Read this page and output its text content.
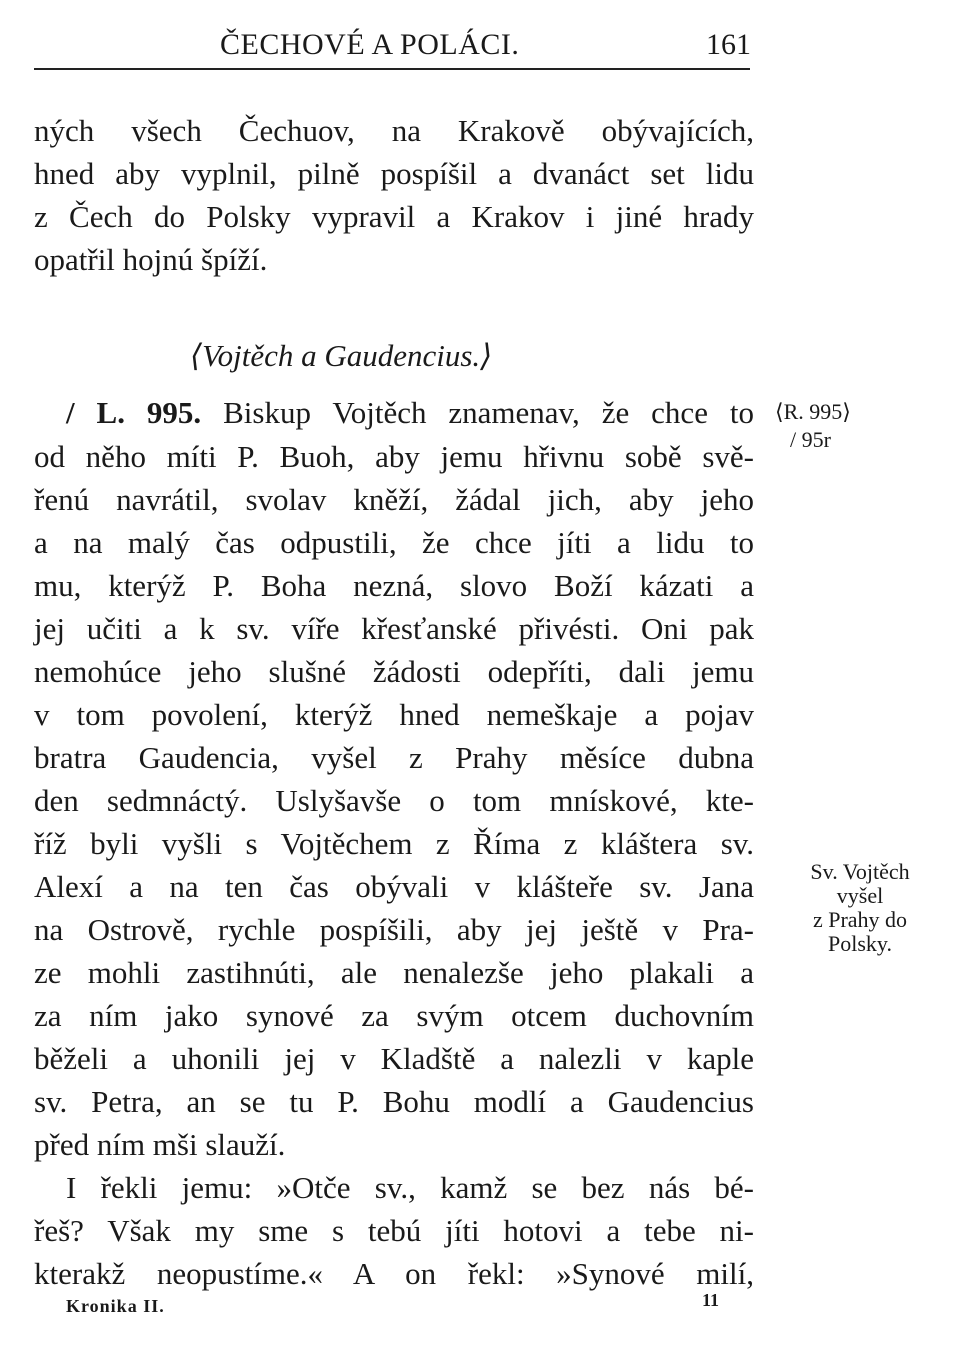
ČECHOVÉ A POLÁCI.	161
ných všech Čechuov, na Krakově obývajících,
hned aby vyplnil, pilně pospíšil a dvanáct set lidu
z Čech do Polsky vypravil a Krakov i jiné hrady
opatřil hojnú špíží.
⟨Vojtěch a Gaudencius.⟩
/ L. 995. Biskup Vojtěch znamenav, že chce to
od něho míti P. Buoh, aby jemu hřivnu sobě svě-
řenú navrátil, svolav kněží, žádal jich, aby jeho
a na malý čas odpustili, že chce jíti a lidu to
mu, kterýž P. Boha nezná, slovo Boží kázati a
jej učiti a k sv. víře křesťanské přivésti. Oni pak
nemohúce jeho slušné žádosti odepříti, dali jemu
v tom povolení, kterýž hned nemeškaje a pojav
bratra Gaudencia, vyšel z Prahy měsíce dubna
den sedmnáctý. Uslyšavše o tom mnískové, kte-
říž byli vyšli s Vojtěchem z Říma z kláštera sv.
Alexí a na ten čas obývali v klášteře sv. Jana
na Ostrově, rychle pospíšili, aby jej ještě v Pra-
ze mohli zastihnúti, ale nenalezše jeho plakali a
za ním jako synové za svým otcem duchovním
běželi a uhonili jej v Kladště a nalezli v kaple
sv. Petra, an se tu P. Bohu modlí a Gaudencius
před ním mši slauží.
I řekli jemu: »Otče sv., kamž se bez nás bé-
řeš? Však my sme s tebú jíti hotovi a tebe ni-
kterakž neopustíme.« A on řekl: »Synové milí,
⟨R. 995⟩
/ 95r
Sv. Vojtěch
vyšel
z Prahy do
Polsky.
Kronika II.	11
